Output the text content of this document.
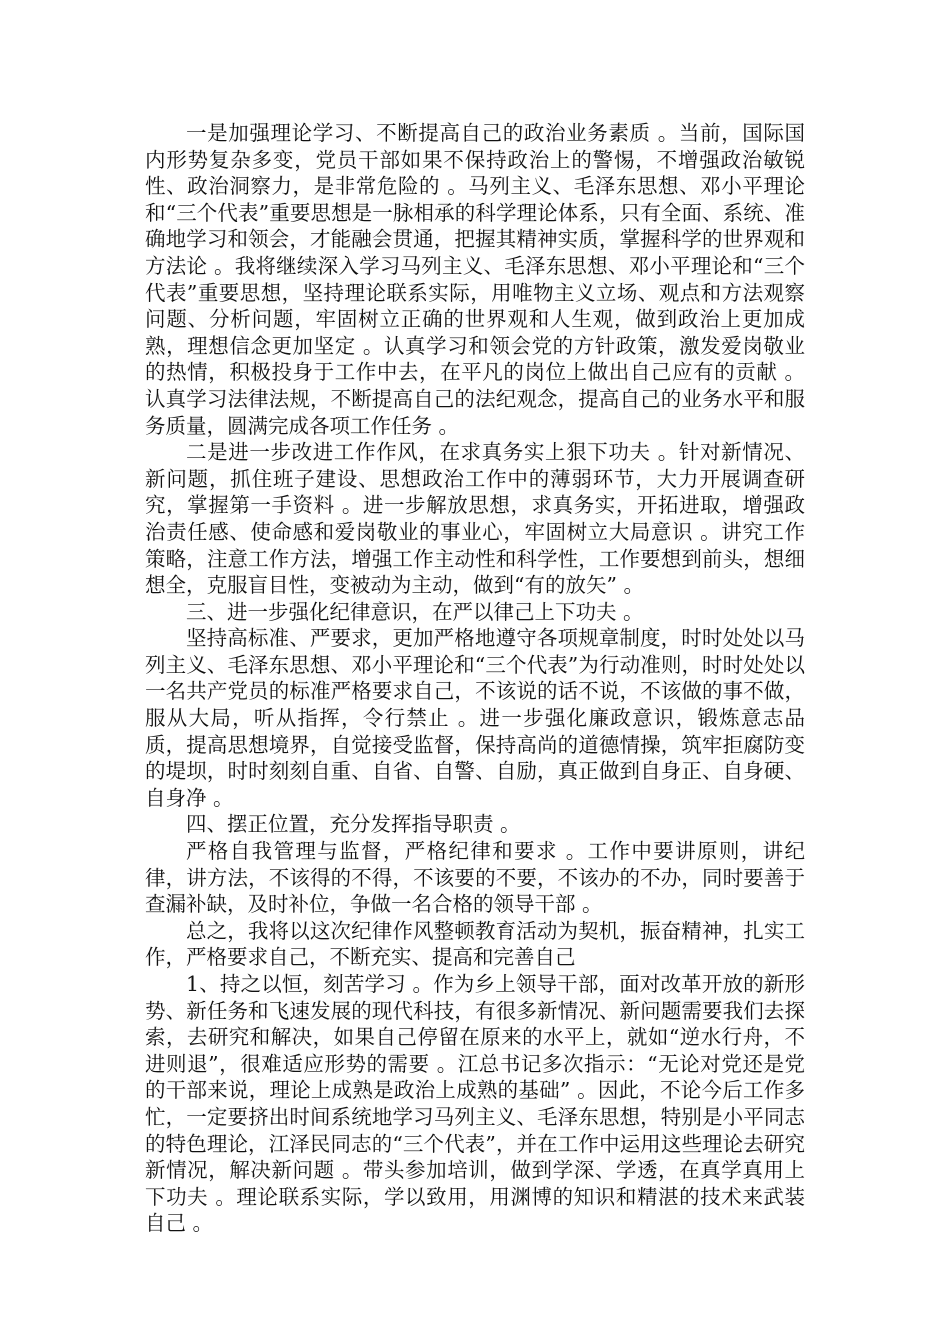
一是加强理论学习、不断提高自己的政治业务素质 。当前，国际国内形势复杂多变，党员干部如果不保持政治上的警惕，不增强政治敏锐性、政治洞察力，是非常危险的 。马列主义、毛泽东思想、邓小平理论和“三个代表”重要思想是一脉相承的科学理论体系，只有全面、系统、准确地学习和领会，才能融会贯通，把握其精神实质，掌握科学的世界观和方法论 。我将继续深入学习马列主义、毛泽东思想、邓小平理论和“三个代表”重要思想，坚持理论联系实际，用唯物主义立场、观点和方法观察问题、分析问题，牢固树立正确的世界观和人生观，做到政治上更加成熟，理想信念更加坚定 。认真学习和领会党的方针政策，激发爱岗敬业的热情，积极投身于工作中去，在平凡的岗位上做出自己应有的贡献 。认真学习法律法规，不断提高自己的法纪观念，提高自己的业务水平和服务质量，圆满完成各项工作任务 。

二是进一步改进工作作风，在求真务实上狠下功夫 。针对新情况、新问题，抓住班子建设、思想政治工作中的薄弱环节，大力开展调查研究，掌握第一手资料 。进一步解放思想，求真务实，开拓进取，增强政治责任感、使命感和爱岗敬业的事业心，牢固树立大局意识 。讲究工作策略，注意工作方法，增强工作主动性和科学性，工作要想到前头，想细想全，克服盲目性，变被动为主动，做到“有的放矢” 。

三、进一步强化纪律意识，在严以律己上下功夫 。

坚持高标准、严要求，更加严格地遵守各项规章制度，时时处处以马列主义、毛泽东思想、邓小平理论和“三个代表”为行动准则，时时处处以一名共产党员的标准严格要求自己，不该说的话不说，不该做的事不做，服从大局，听从指挥，令行禁止 。进一步强化廉政意识，锻炼意志品质，提高思想境界，自觉接受监督，保持高尚的道德情操，筑牢拒腐防变的堤坝，时时刻刻自重、自省、自警、自励，真正做到自身正、自身硬、自身净 。

四、摆正位置，充分发挥指导职责 。

严格自我管理与监督，严格纪律和要求 。工作中要讲原则，讲纪律，讲方法，不该得的不得，不该要的不要，不该办的不办，同时要善于查漏补缺，及时补位，争做一名合格的领导干部 。

总之，我将以这次纪律作风整顿教育活动为契机，振奋精神，扎实工作，严格要求自己，不断充实、提高和完善自己

1、持之以恒，刻苦学习 。作为乡上领导干部，面对改革开放的新形势、新任务和飞速发展的现代科技，有很多新情况、新问题需要我们去探索，去研究和解决，如果自己停留在原来的水平上，就如“逆水行舟，不进则退”，很难适应形势的需要 。江总书记多次指示：“无论对党还是党的干部来说，理论上成熟是政治上成熟的基础” 。因此，不论今后工作多忙，一定要挤出时间系统地学习马列主义、毛泽东思想，特别是小平同志的特色理论，江泽民同志的“三个代表”，并在工作中运用这些理论去研究新情况，解决新问题 。带头参加培训，做到学深、学透，在真学真用上下功夫 。理论联系实际，学以致用，用渊博的知识和精湛的技术来武装自己 。
